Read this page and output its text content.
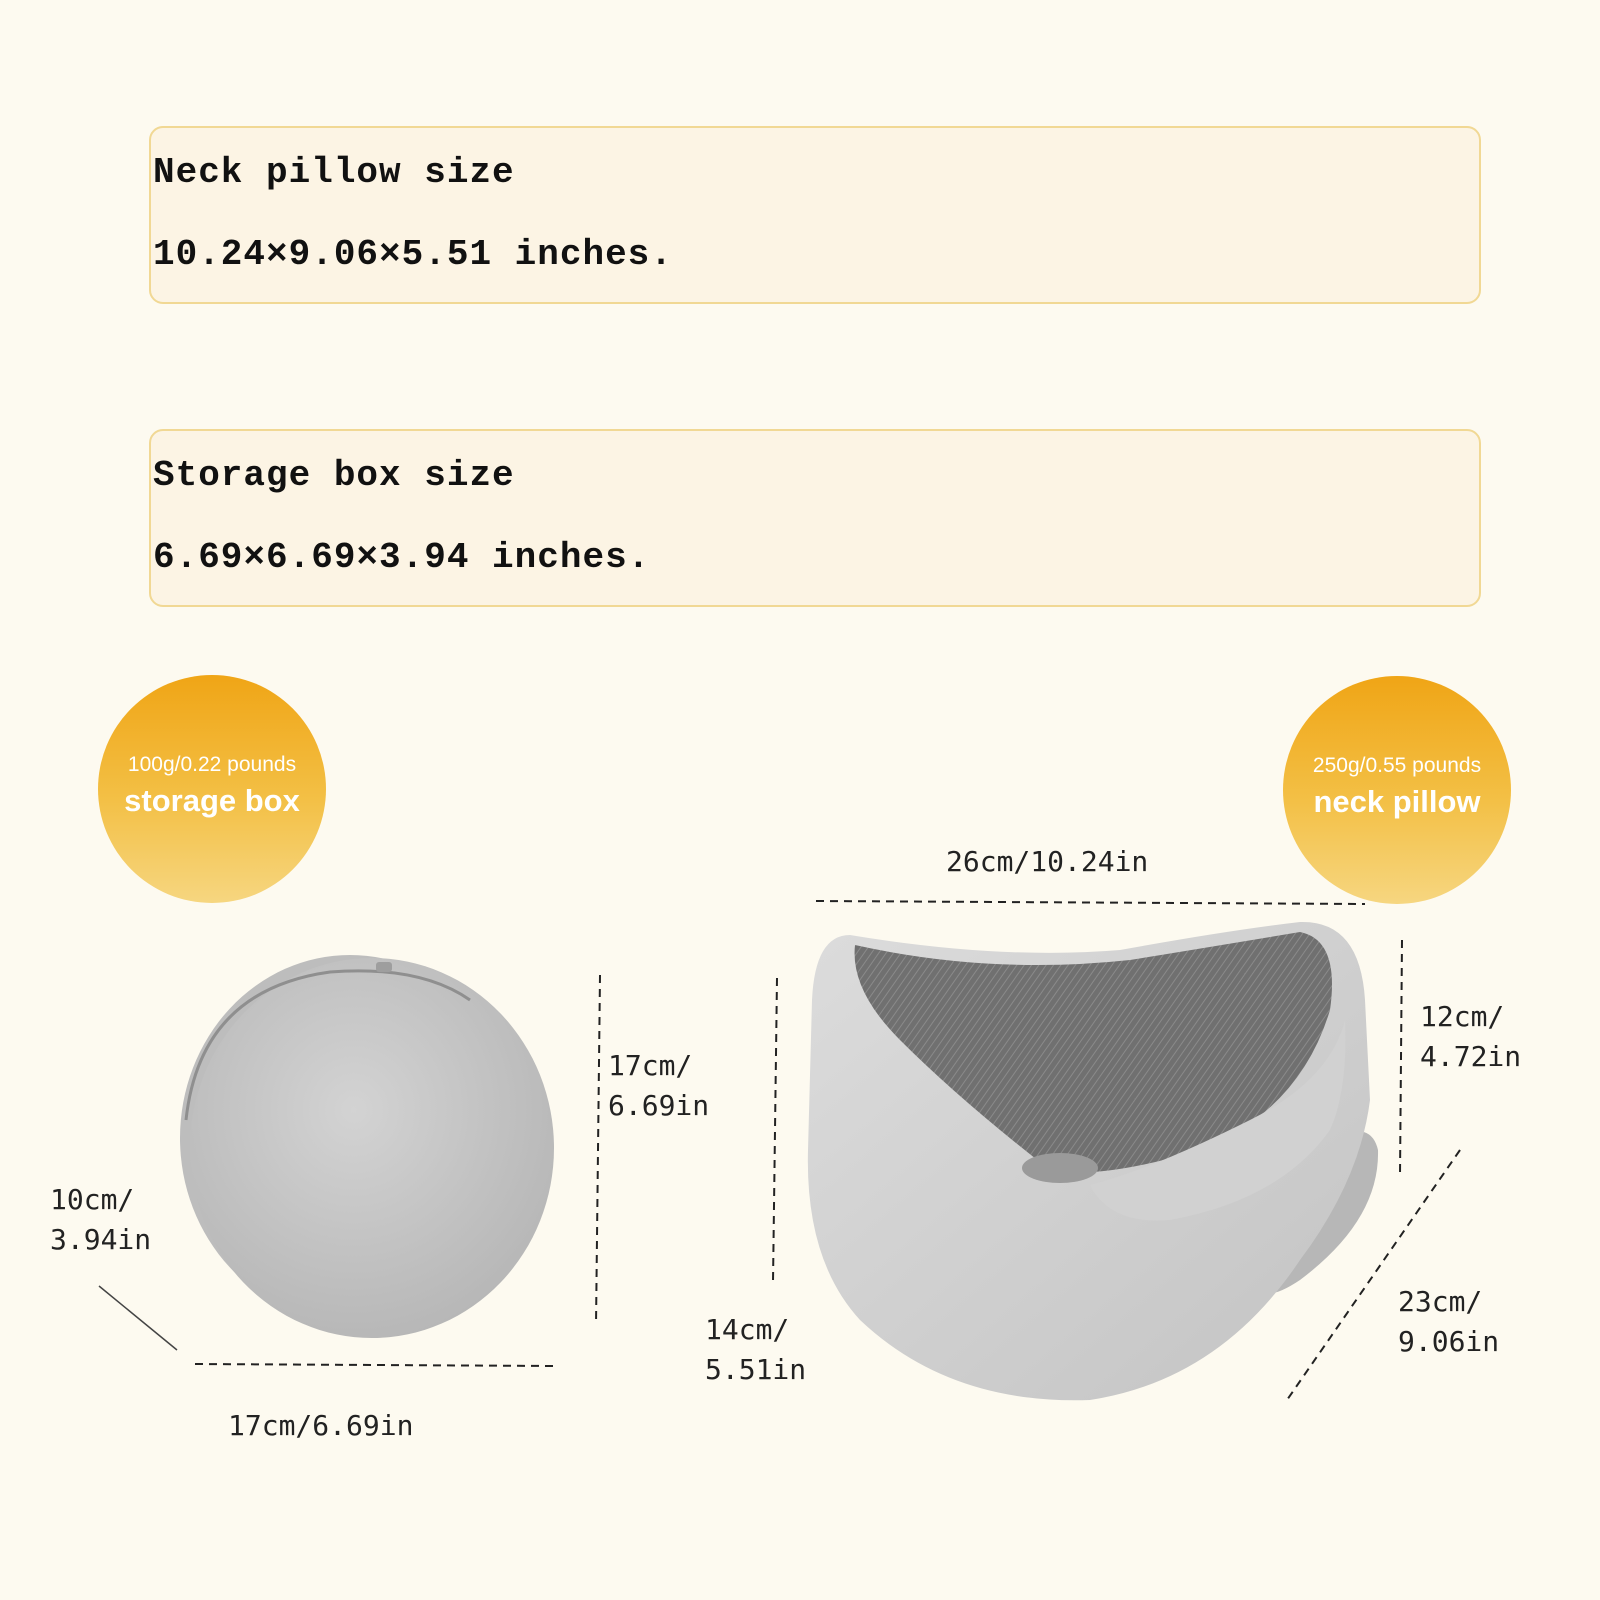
Neck pillow size
10.24×9.06×5.51 inches.
Storage box size
6.69×6.69×3.94 inches.
100g/0.22 pounds
storage box
250g/0.55 pounds
neck pillow
17cm/
6.69in
10cm/
3.94in
17cm/6.69in
26cm/10.24in
12cm/
4.72in
14cm/
5.51in
23cm/
9.06in
